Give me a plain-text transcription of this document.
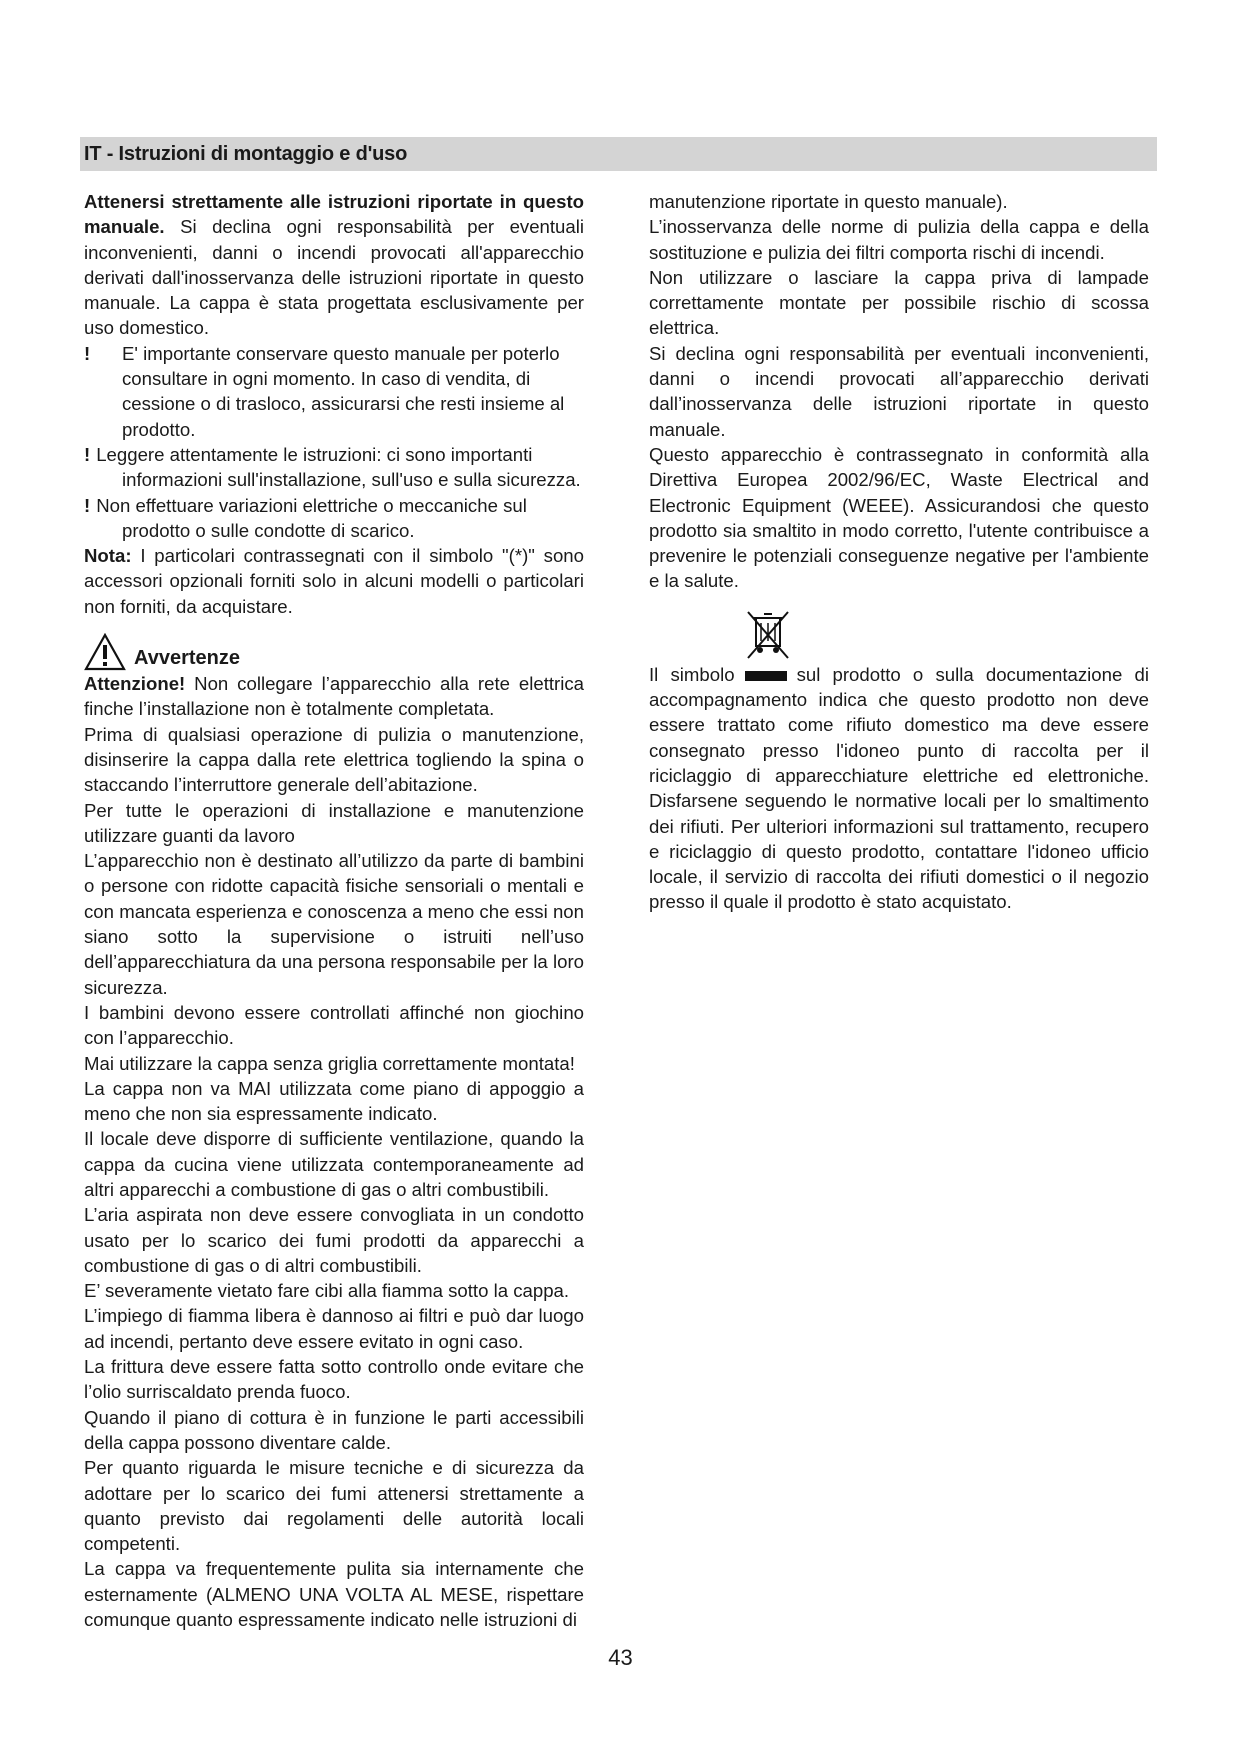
IT - Istruzioni di montaggio e d'uso

Attenersi strettamente alle istruzioni riportate in questo manuale. Si declina ogni responsabilità per eventuali inconvenienti, danni o incendi provocati all'apparecchio derivati dall'inosservanza delle istruzioni riportate in questo manuale. La cappa è stata progettata esclusivamente per uso domestico.

! E' importante conservare questo manuale per poterlo consultare in ogni momento. In caso di vendita, di cessione o di trasloco, assicurarsi che resti insieme al prodotto.
! Leggere attentamente le istruzioni: ci sono importanti informazioni sull'installazione, sull'uso e sulla sicurezza.
! Non effettuare variazioni elettriche o meccaniche sul prodotto o sulle condotte di scarico.

Nota: I particolari contrassegnati con il simbolo "(*)" sono accessori opzionali forniti solo in alcuni modelli o particolari non forniti, da acquistare.

Avvertenze

Attenzione! Non collegare l’apparecchio alla rete elettrica finche l’installazione non è totalmente completata.

Prima di qualsiasi operazione di pulizia o manutenzione, disinserire la cappa dalla rete elettrica togliendo la spina o staccando l’interruttore generale dell’abitazione.

Per tutte le operazioni di installazione e manutenzione utilizzare guanti da lavoro

L’apparecchio non è destinato all’utilizzo da parte di bambini o persone con ridotte capacità fisiche sensoriali o mentali e con mancata esperienza e conoscenza a meno che essi non siano sotto la supervisione o istruiti nell’uso dell’apparecchiatura da una persona responsabile per la loro sicurezza.

I bambini devono essere controllati affinché non giochino con l’apparecchio.

Mai utilizzare la cappa senza griglia correttamente montata!

La cappa non va MAI utilizzata come piano di appoggio a meno che non sia espressamente indicato.

Il locale deve disporre di sufficiente ventilazione, quando la cappa da cucina viene utilizzata contemporaneamente ad altri apparecchi a combustione di gas o altri combustibili.

L’aria aspirata non deve essere convogliata in un condotto usato per lo scarico dei fumi prodotti da apparecchi a combustione di gas o di altri combustibili.

E’ severamente vietato fare cibi alla fiamma sotto la cappa.

L’impiego di fiamma libera è dannoso ai filtri e può dar luogo ad incendi, pertanto deve essere evitato in ogni caso.

La frittura deve essere fatta sotto controllo onde evitare che l’olio surriscaldato prenda fuoco.

Quando il piano di cottura è in funzione le parti accessibili della cappa possono diventare calde.

Per quanto riguarda le misure tecniche e di sicurezza da adottare per lo scarico dei fumi attenersi strettamente a quanto previsto dai regolamenti delle autorità locali competenti.

La cappa va frequentemente pulita sia internamente che esternamente (ALMENO UNA VOLTA AL MESE, rispettare comunque quanto espressamente indicato nelle istruzioni di

manutenzione riportate in questo manuale).

L’inosservanza delle norme di pulizia della cappa e della sostituzione e pulizia dei filtri comporta rischi di incendi.

Non utilizzare o lasciare la cappa priva di lampade correttamente montate per possibile rischio di scossa elettrica.

Si declina ogni responsabilità per eventuali inconvenienti, danni o incendi provocati all’apparecchio derivati dall’inosservanza delle istruzioni riportate in questo manuale.

Questo apparecchio è contrassegnato in conformità alla Direttiva Europea 2002/96/EC, Waste Electrical and Electronic Equipment (WEEE). Assicurandosi che questo prodotto sia smaltito in modo corretto, l'utente contribuisce a prevenire le potenziali conseguenze negative per l'ambiente e la salute.

Il simbolo	sul prodotto o sulla documentazione di accompagnamento indica che questo prodotto non deve essere trattato come rifiuto domestico ma deve essere consegnato presso l'idoneo punto di raccolta per il riciclaggio di apparecchiature elettriche ed elettroniche. Disfarsene seguendo le normative locali per lo smaltimento dei rifiuti. Per ulteriori informazioni sul trattamento, recupero e riciclaggio di questo prodotto, contattare l'idoneo ufficio locale, il servizio di raccolta dei rifiuti domestici o il negozio presso il quale il prodotto è stato acquistato.

43
